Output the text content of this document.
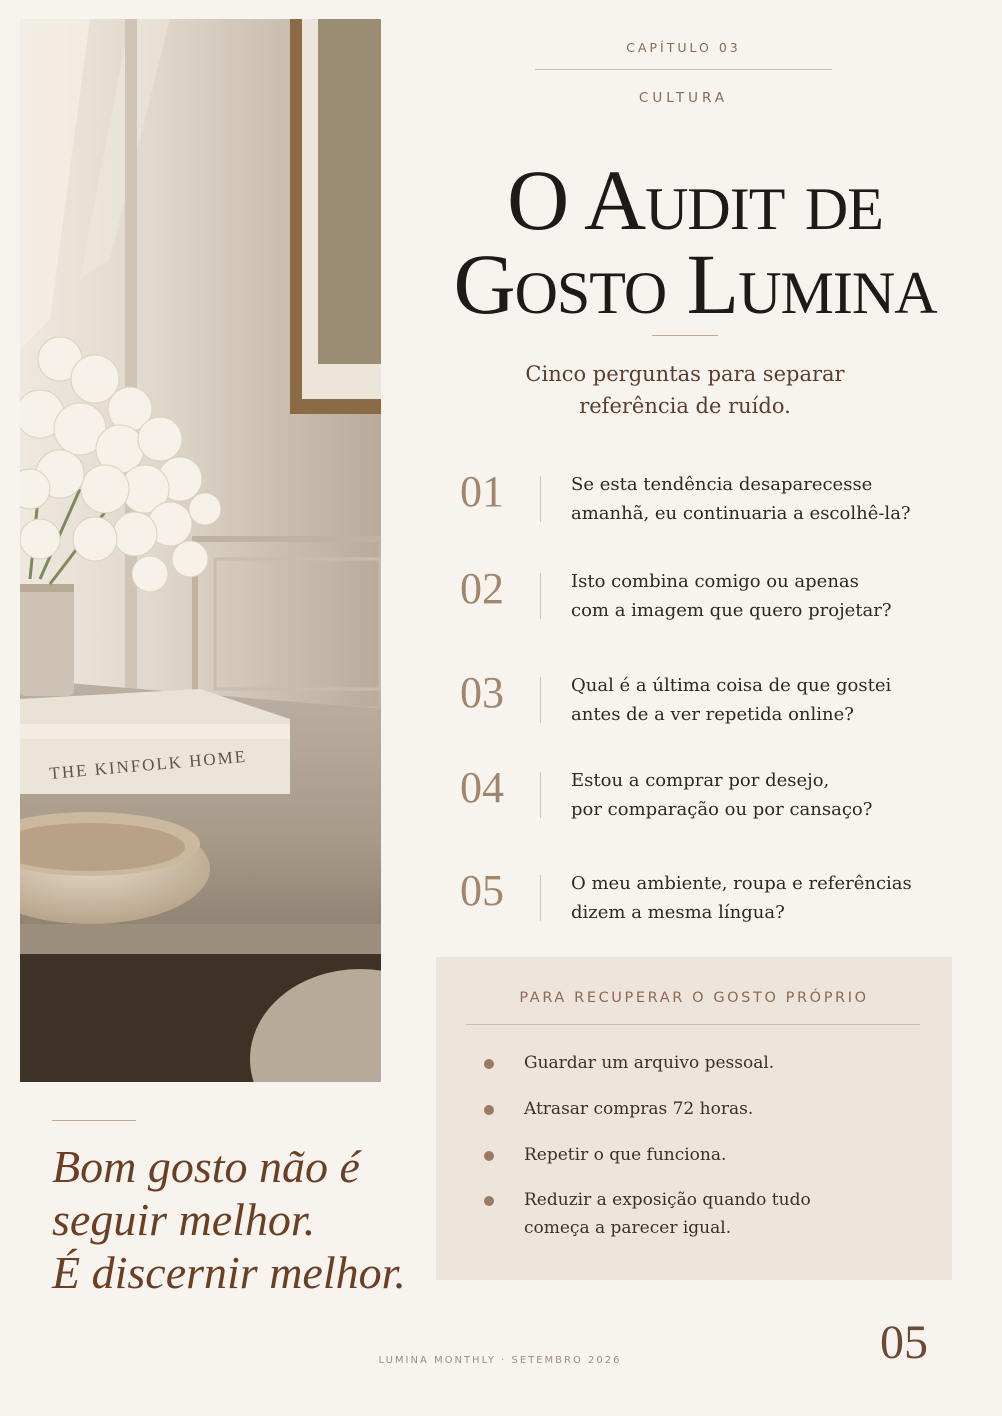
THE KINFOLK HOME
CAPÍTULO 03
CULTURA
O Audit de
Gosto Lumina
Cinco perguntas para separar
referência de ruído.
01	Se esta tendência desaparecesse
amanhã, eu continuaria a escolhê-la?
02	Isto combina comigo ou apenas
com a imagem que quero projetar?
03	Qual é a última coisa de que gostei
antes de a ver repetida online?
04	Estou a comprar por desejo,
por comparação ou por cansaço?
05	O meu ambiente, roupa e referências
dizem a mesma língua?
PARA RECUPERAR O GOSTO PRÓPRIO
Guardar um arquivo pessoal.
Atrasar compras 72 horas.
Repetir o que funciona.
Reduzir a exposição quando tudo
começa a parecer igual.
Bom gosto não é
seguir melhor.
É discernir melhor.
LUMINA MONTHLY · SETEMBRO 2026	05
